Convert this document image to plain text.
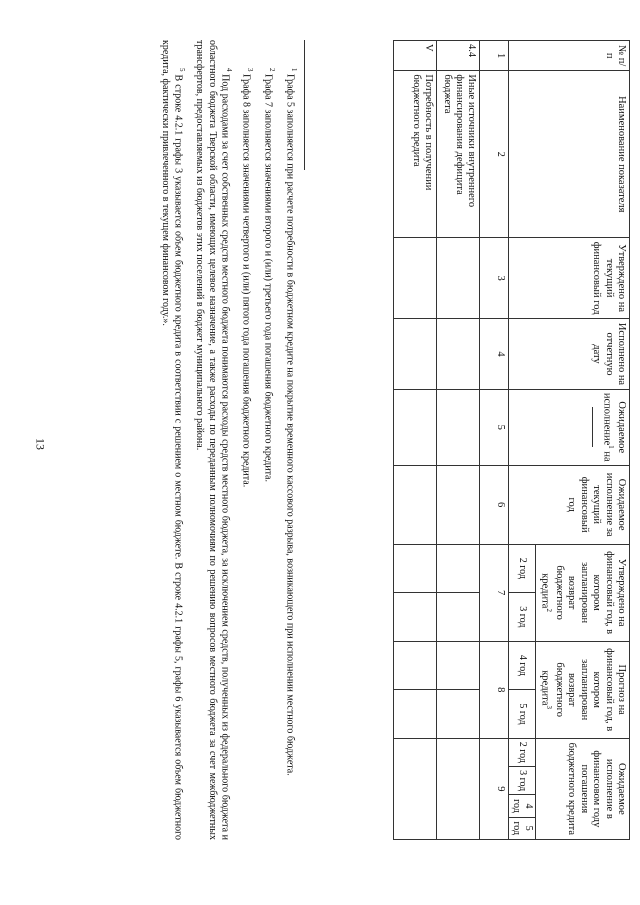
13
№ п/п	Наименование показателя	Утверждено на текущий финансовый год	Исполнено на отчетную дату	Ожидаемое исполнение$^1$ на	Ожидаемое исполнение за текущий финансовый год	Утверждено на финансовый год, в котором запланирован возврат бюджетного кредита$^2$		Прогноз на финансовый год, в котором запланирован возврат бюджетного кредита$^3$		Ожидаемое исполнение в финансовом году погашения бюджетного кредита			
						2 год	3 год	4 год	5 год	2 год	3 год	4 год	5 год
1	2	3	4	5	6	7		8		9			
4.4	Иные источники внутреннего финансирования дефицита бюджета												
V	Потребность в получении бюджетного кредита												

$^1$ Графа 5 заполняется при расчете потребности в бюджетном кредите на покрытие временного кассового разрыва, возникающего при исполнении местного бюджета.

$^2$ Графа 7 заполняется значениями второго и (или) третьего года погашения бюджетного кредита.

$^3$ Графа 8 заполняется значениями четвертого и (или) пятого года погашения бюджетного кредита.

$^4$ Под расходами за счет собственных средств местного бюджета понимаются расходы средств местного бюджета, за исключением средств, полученных из федерального бюджета и областного бюджета Тверской области, имеющих целевое назначение, а также расходы по переданным полномочиям по решению вопросов местного бюджета за счет межбюджетных трансфертов, предоставляемых из бюджетов этих поселений в бюджет муниципального района.

$^5$ В строке 4.2.1 графы 3 указывается объем бюджетного кредита в соответствии с решением о местном бюджете. В строке 4.2.1 графы 5, графы 6 указывается объем бюджетного кредита, фактически привлеченного в текущем финансовом году.».
